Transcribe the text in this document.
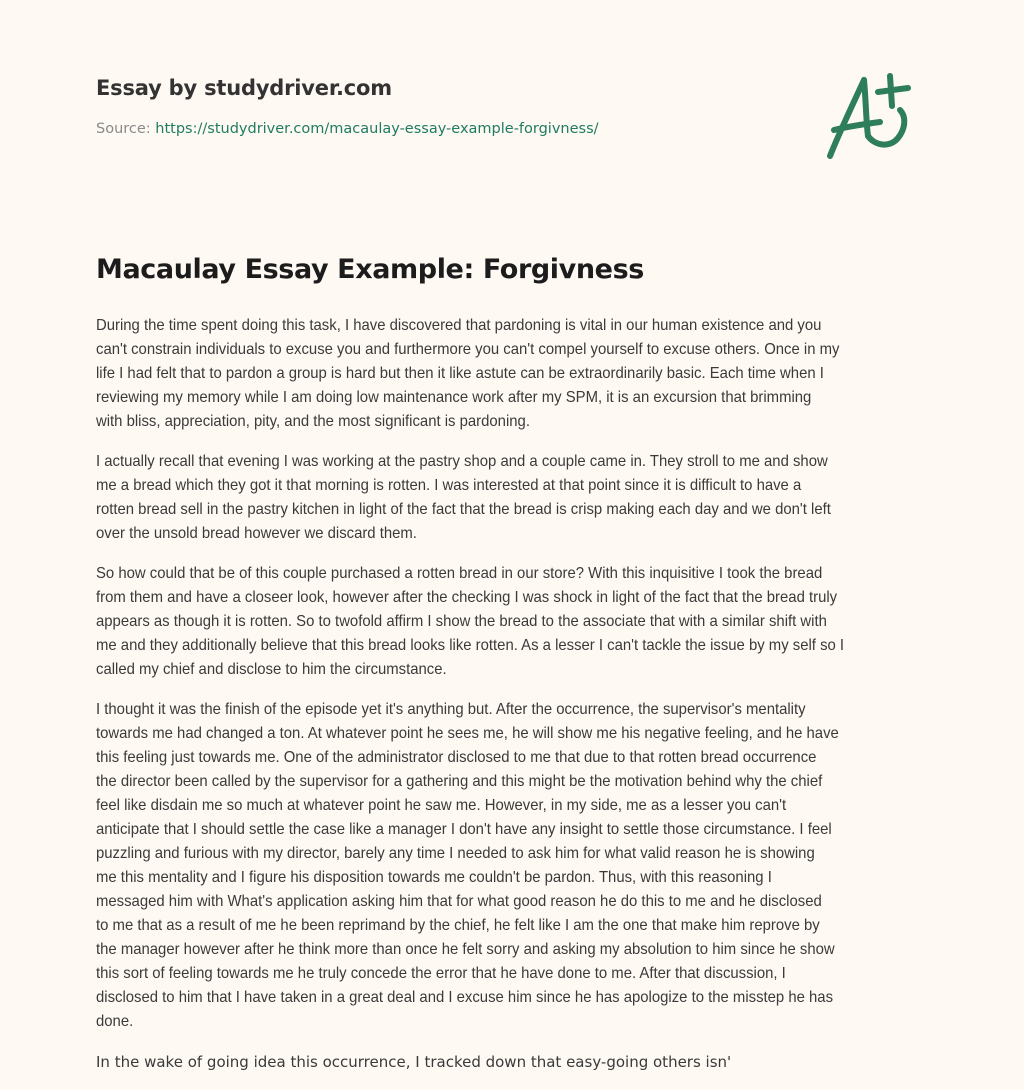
Essay by studydriver.com
Source: https://studydriver.com/macaulay-essay-example-forgivness/
Macaulay Essay Example: Forgivness

During the time spent doing this task, I have discovered that pardoning is vital in our human existence and you
can't constrain individuals to excuse you and furthermore you can't compel yourself to excuse others. Once in my
life I had felt that to pardon a group is hard but then it like astute can be extraordinarily basic. Each time when I
reviewing my memory while I am doing low maintenance work after my SPM, it is an excursion that brimming
with bliss, appreciation, pity, and the most significant is pardoning.

I actually recall that evening I was working at the pastry shop and a couple came in. They stroll to me and show
me a bread which they got it that morning is rotten. I was interested at that point since it is difficult to have a
rotten bread sell in the pastry kitchen in light of the fact that the bread is crisp making each day and we don't left
over the unsold bread however we discard them.

So how could that be of this couple purchased a rotten bread in our store? With this inquisitive I took the bread
from them and have a closeer look, however after the checking I was shock in light of the fact that the bread truly
appears as though it is rotten. So to twofold affirm I show the bread to the associate that with a similar shift with
me and they additionally believe that this bread looks like rotten. As a lesser I can't tackle the issue by my self so I
called my chief and disclose to him the circumstance.

I thought it was the finish of the episode yet it's anything but. After the occurrence, the supervisor's mentality
towards me had changed a ton. At whatever point he sees me, he will show me his negative feeling, and he have
this feeling just towards me. One of the administrator disclosed to me that due to that rotten bread occurrence
the director been called by the supervisor for a gathering and this might be the motivation behind why the chief
feel like disdain me so much at whatever point he saw me. However, in my side, me as a lesser you can't
anticipate that I should settle the case like a manager I don't have any insight to settle those circumstance. I feel
puzzling and furious with my director, barely any time I needed to ask him for what valid reason he is showing
me this mentality and I figure his disposition towards me couldn't be pardon. Thus, with this reasoning I
messaged him with What's application asking him that for what good reason he do this to me and he disclosed
to me that as a result of me he been reprimand by the chief, he felt like I am the one that make him reprove by
the manager however after he think more than once he felt sorry and asking my absolution to him since he show
this sort of feeling towards me he truly concede the error that he have done to me. After that discussion, I
disclosed to him that I have taken in a great deal and I excuse him since he has apologize to the misstep he has
done.

In the wake of going idea this occurrence, I tracked down that easy-going others isn'
